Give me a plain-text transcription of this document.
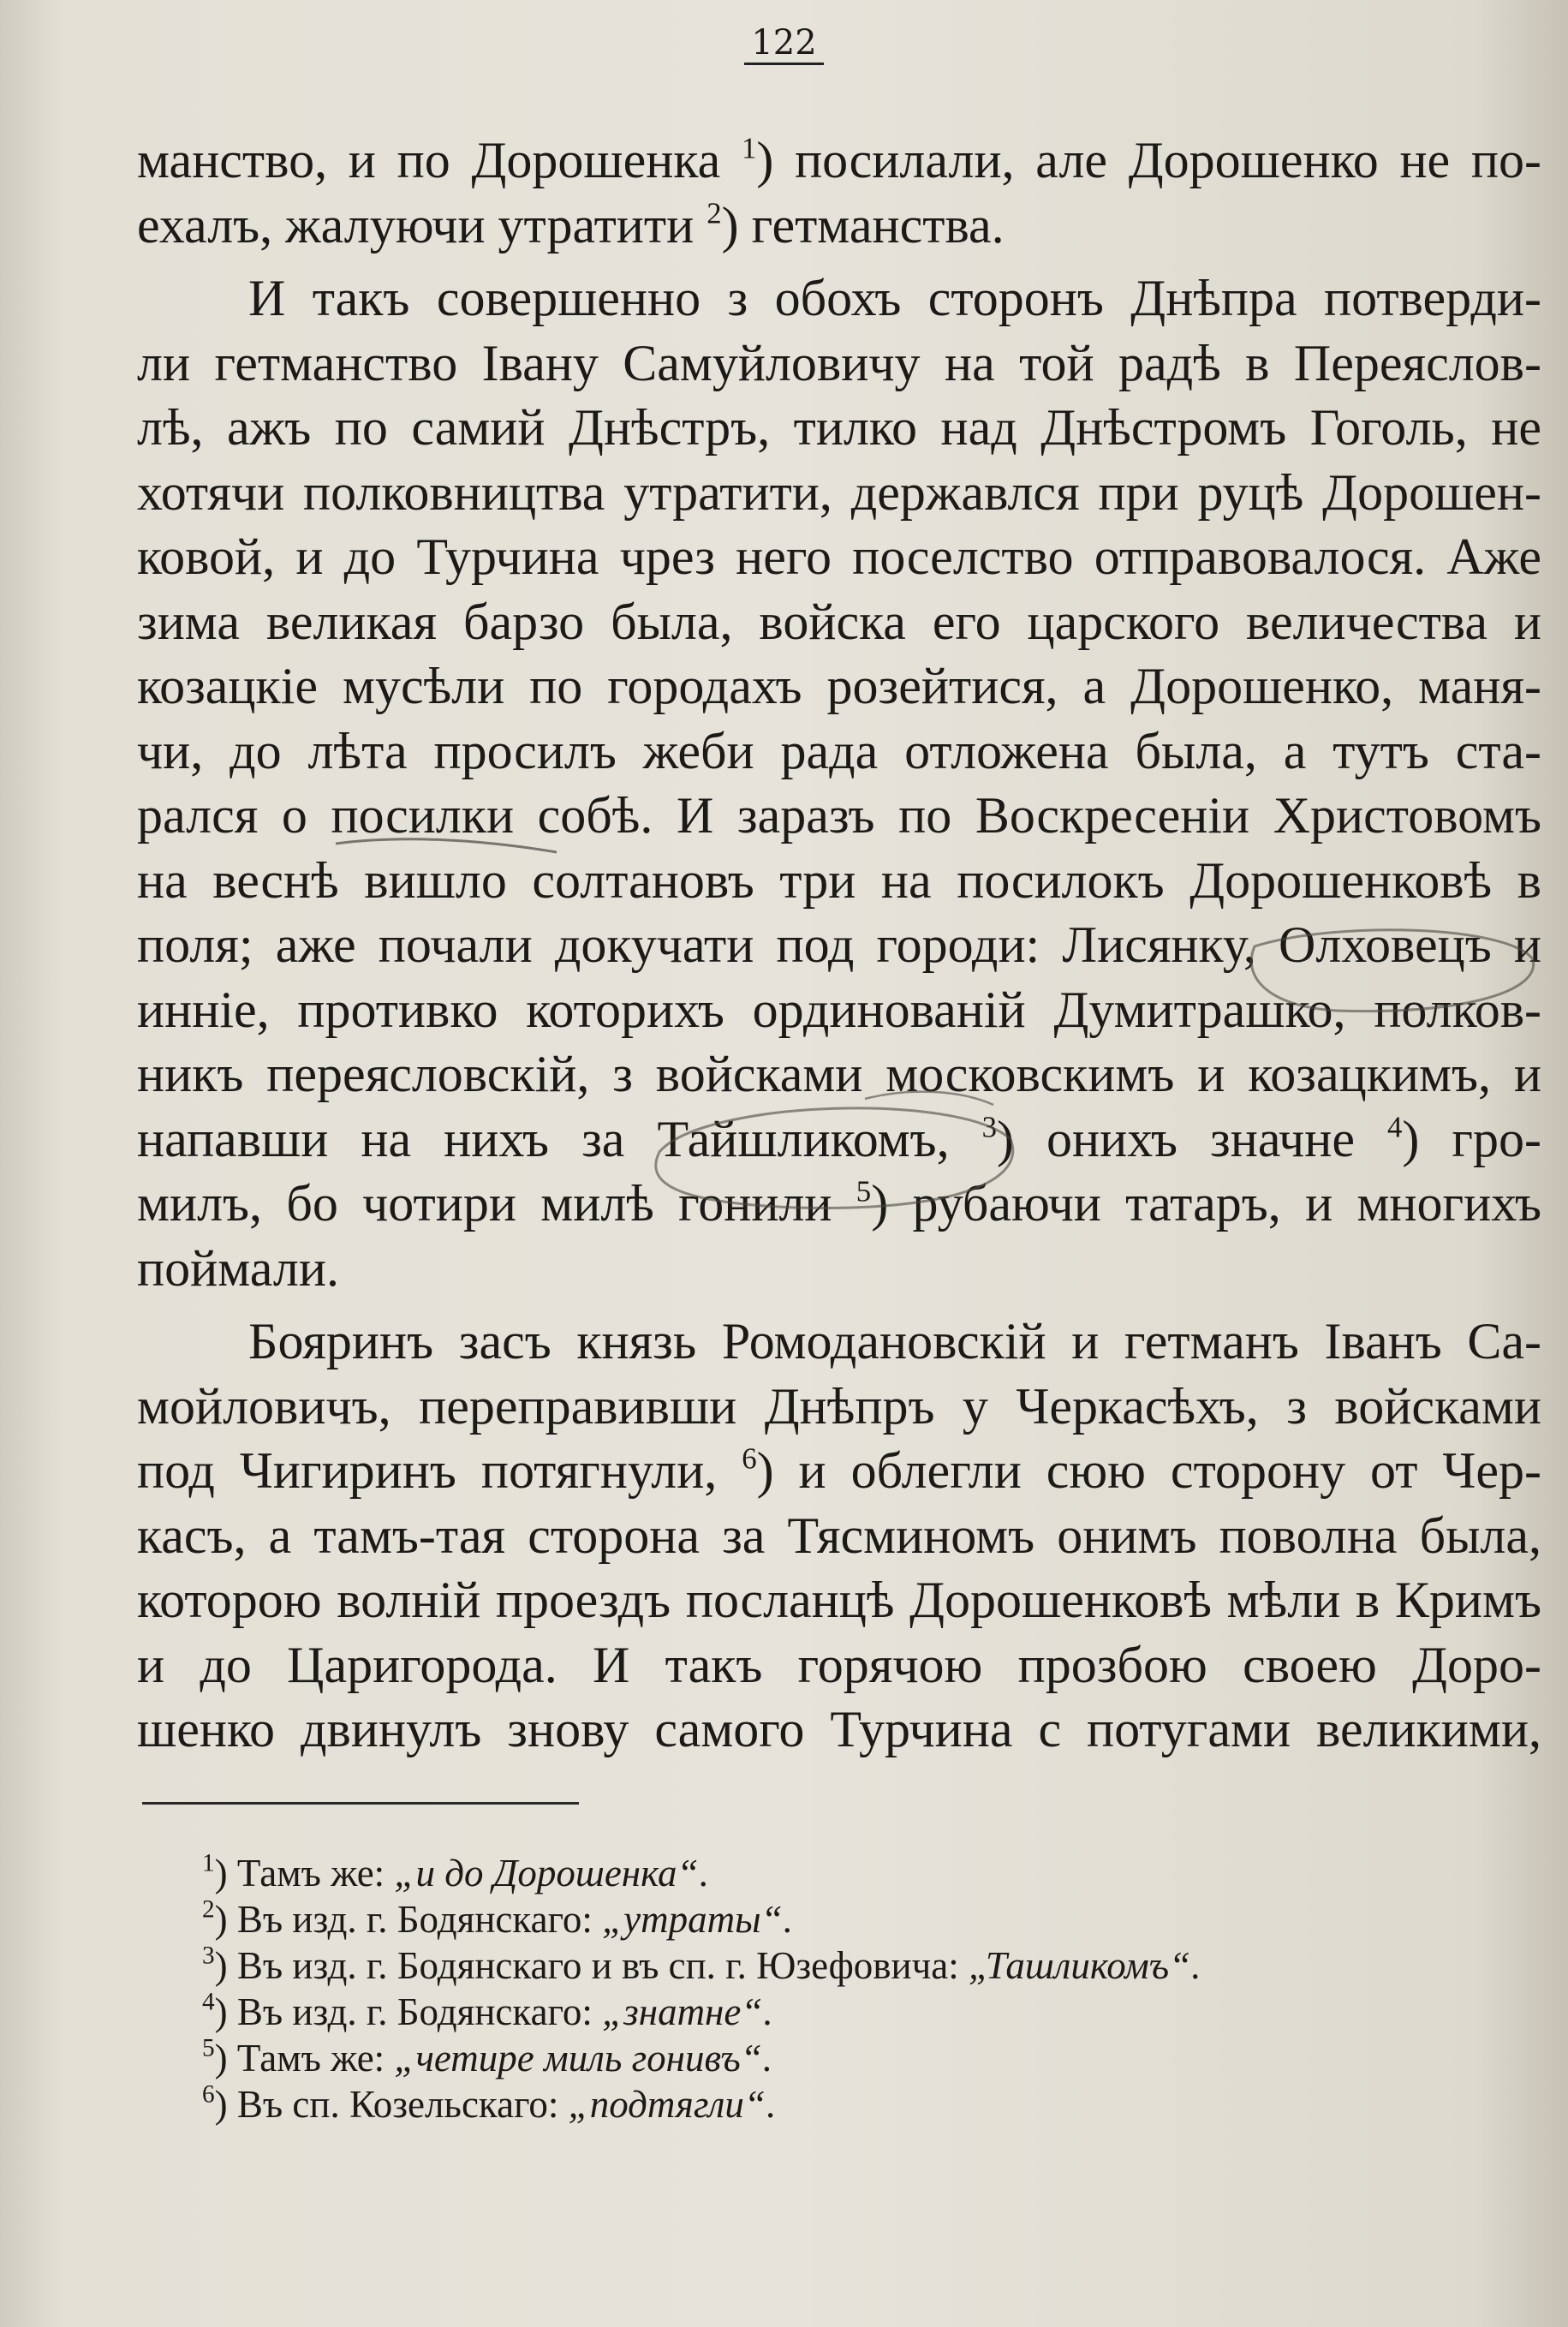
122
манство, и по Дорошенка $^1$) посилали, але Дорошенко не по-
ехалъ, жалуючи утратити $^2$) гетманства.
И такъ совершенно з обохъ сторонъ Днѣпра потверди-
ли гетманство Івану Самуйловичу на той радѣ в Переяслов-
лѣ, ажъ по самий Днѣстръ, тилко над Днѣстромъ Гоголь, не
хотячи полковництва утратити, державлся при руцѣ Дорошен-
ковой, и до Турчина чрез него поселство отправовалося. Аже
зима великая барзо была, войска его царского величества и
козацкіе мусѣли по городахъ розейтися, а Дорошенко, маня-
чи, до лѣта просилъ жеби рада отложена была, а тутъ ста-
рался о посилки собѣ. И заразъ по Воскресеніи Христовомъ
на веснѣ вишло солтановъ три на посилокъ Дорошенковѣ в
поля; аже почали докучати под городи: Лисянку, Олховецъ и
инніе, противко которихъ ординованій Думитрашко, полков-
никъ переясловскій, з войсками московскимъ и козацкимъ, и
напавши на нихъ за Тайшликомъ, $^3$) онихъ значне $^4$) гро-
милъ, бо чотири милѣ гонили $^5$) рубаючи татаръ, и многихъ
поймали.
Бояринъ засъ князь Ромодановскій и гетманъ Іванъ Са-
мойловичъ, переправивши Днѣпръ у Черкасѣхъ, з войсками
под Чигиринъ потягнули, $^6$) и облегли сюю сторону от Чер-
касъ, а тамъ-тая сторона за Тясминомъ онимъ поволна была,
которою волній проездъ посланцѣ Дорошенковѣ мѣли в Кримъ
и до Царигорода. И такъ горячою прозбою своею Доро-
шенко двинулъ знову самого Турчина с потугами великими,
$^1$) Тамъ же: „и до Дорошенка“.
$^2$) Въ изд. г. Бодянскаго: „утраты“.
$^3$) Въ изд. г. Бодянскаго и въ сп. г. Юзефовича: „Ташликомъ“.
$^4$) Въ изд. г. Бодянскаго: „знатне“.
$^5$) Тамъ же: „четире миль гонивъ“.
$^6$) Въ сп. Козельскаго: „подтягли“.
